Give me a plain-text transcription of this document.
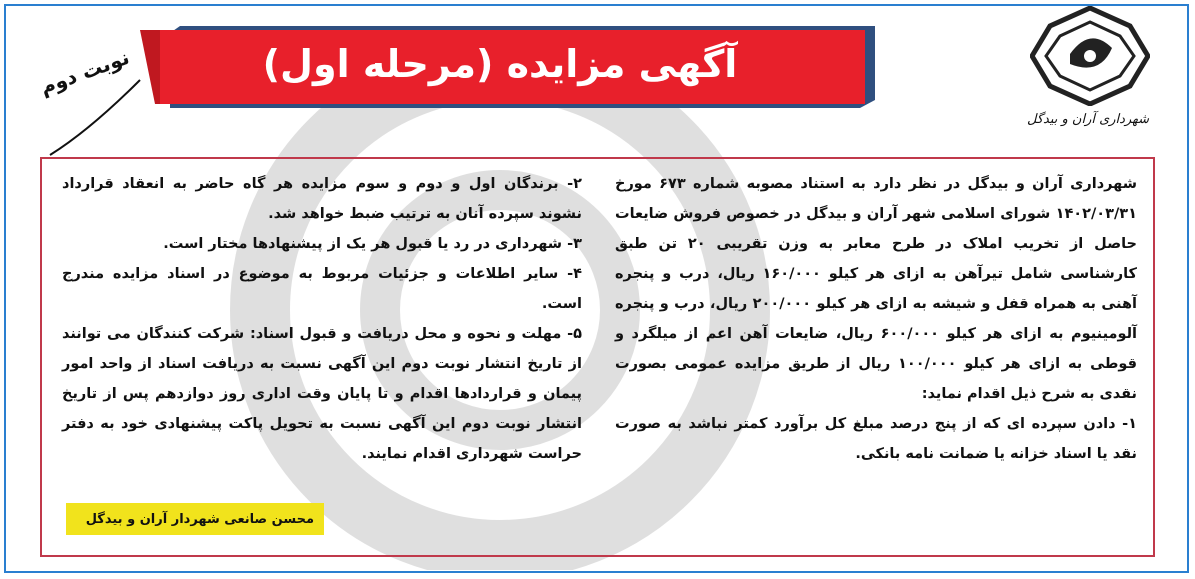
آگهی مزایده (مرحله اول)
نوبت دوم
شهرداری آران و بیدگل

شهرداری آران و بیدگل در نظر دارد به استناد مصوبه شماره ۶۷۳ مورخ ۱۴۰۲/۰۳/۳۱ شورای اسلامی شهر آران و بیدگل در خصوص فروش ضایعات حاصل از تخریب املاک در طرح معابر به وزن تقریبی ۲۰ تن طبق کارشناسی شامل تیرآهن به ازای هر کیلو ۱۶۰/۰۰۰ ریال، درب و پنجره آهنی به همراه قفل و شیشه به ازای هر کیلو ۲۰۰/۰۰۰ ریال، درب و پنجره آلومینیوم به ازای هر کیلو ۶۰۰/۰۰۰ ریال، ضایعات آهن اعم از میلگرد و قوطی به ازای هر کیلو ۱۰۰/۰۰۰ ریال از طریق مزایده عمومی بصورت نقدی به شرح ذیل اقدام نماید:

۱- دادن سپرده ای که از پنج درصد مبلغ کل برآورد کمتر نباشد به صورت نقد یا اسناد خزانه یا ضمانت نامه بانکی.

۲- برندگان اول و دوم و سوم مزایده هر گاه حاضر به انعقاد قرارداد نشوند سپرده آنان به ترتیب ضبط خواهد شد.

۳- شهرداری در رد یا قبول هر یک از پیشنهادها مختار است.

۴- سایر اطلاعات و جزئیات مربوط به موضوع در اسناد مزایده مندرج است.

۵- مهلت و نحوه و محل دریافت و قبول اسناد: شرکت کنندگان می توانند از تاریخ انتشار نوبت دوم این آگهی نسبت به دریافت اسناد از واحد امور پیمان و قراردادها اقدام و تا پایان وقت اداری روز دوازدهم پس از تاریخ انتشار نوبت دوم این آگهی نسبت به تحویل پاکت پیشنهادی خود به دفتر حراست شهرداری اقدام نمایند.

محسن صانعی شهردار آران و بیدگل
